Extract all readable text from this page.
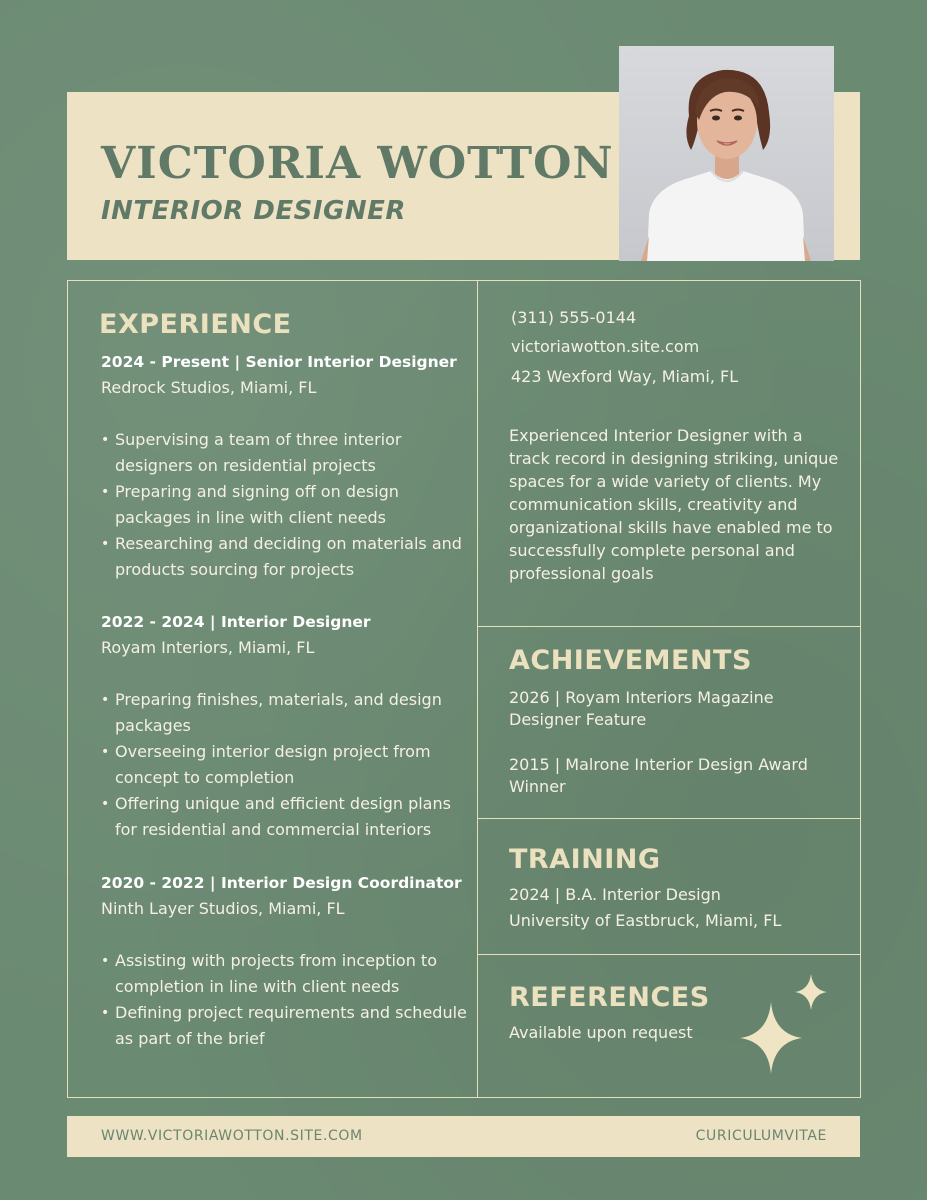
VICTORIA WOTTON
INTERIOR DESIGNER
EXPERIENCE
2024 - Present | Senior Interior Designer
Redrock Studios, Miami, FL
• Supervising a team of three interior designers on residential projects
• Preparing and signing off on design packages in line with client needs
• Researching and deciding on materials and products sourcing for projects
2022 - 2024 | Interior Designer
Royam Interiors, Miami, FL
• Preparing finishes, materials, and design packages
• Overseeing interior design project from concept to completion
• Offering unique and efficient design plans for residential and commercial interiors
2020 - 2022 | Interior Design Coordinator
Ninth Layer Studios, Miami, FL
• Assisting with projects from inception to completion in line with client needs
• Defining project requirements and schedule as part of the brief
(311) 555-0144
victoriawotton.site.com
423 Wexford Way, Miami, FL

Experienced Interior Designer with a track record in designing striking, unique spaces for a wide variety of clients. My communication skills, creativity and organizational skills have enabled me to successfully complete personal and professional goals

ACHIEVEMENTS
2026 | Royam Interiors Magazine Designer Feature
2015 | Malrone Interior Design Award Winner
TRAINING
2024 | B.A. Interior Design
University of Eastbruck, Miami, FL
REFERENCES
Available upon request
WWW.VICTORIAWOTTON.SITE.COM	CURICULUMVITAE
